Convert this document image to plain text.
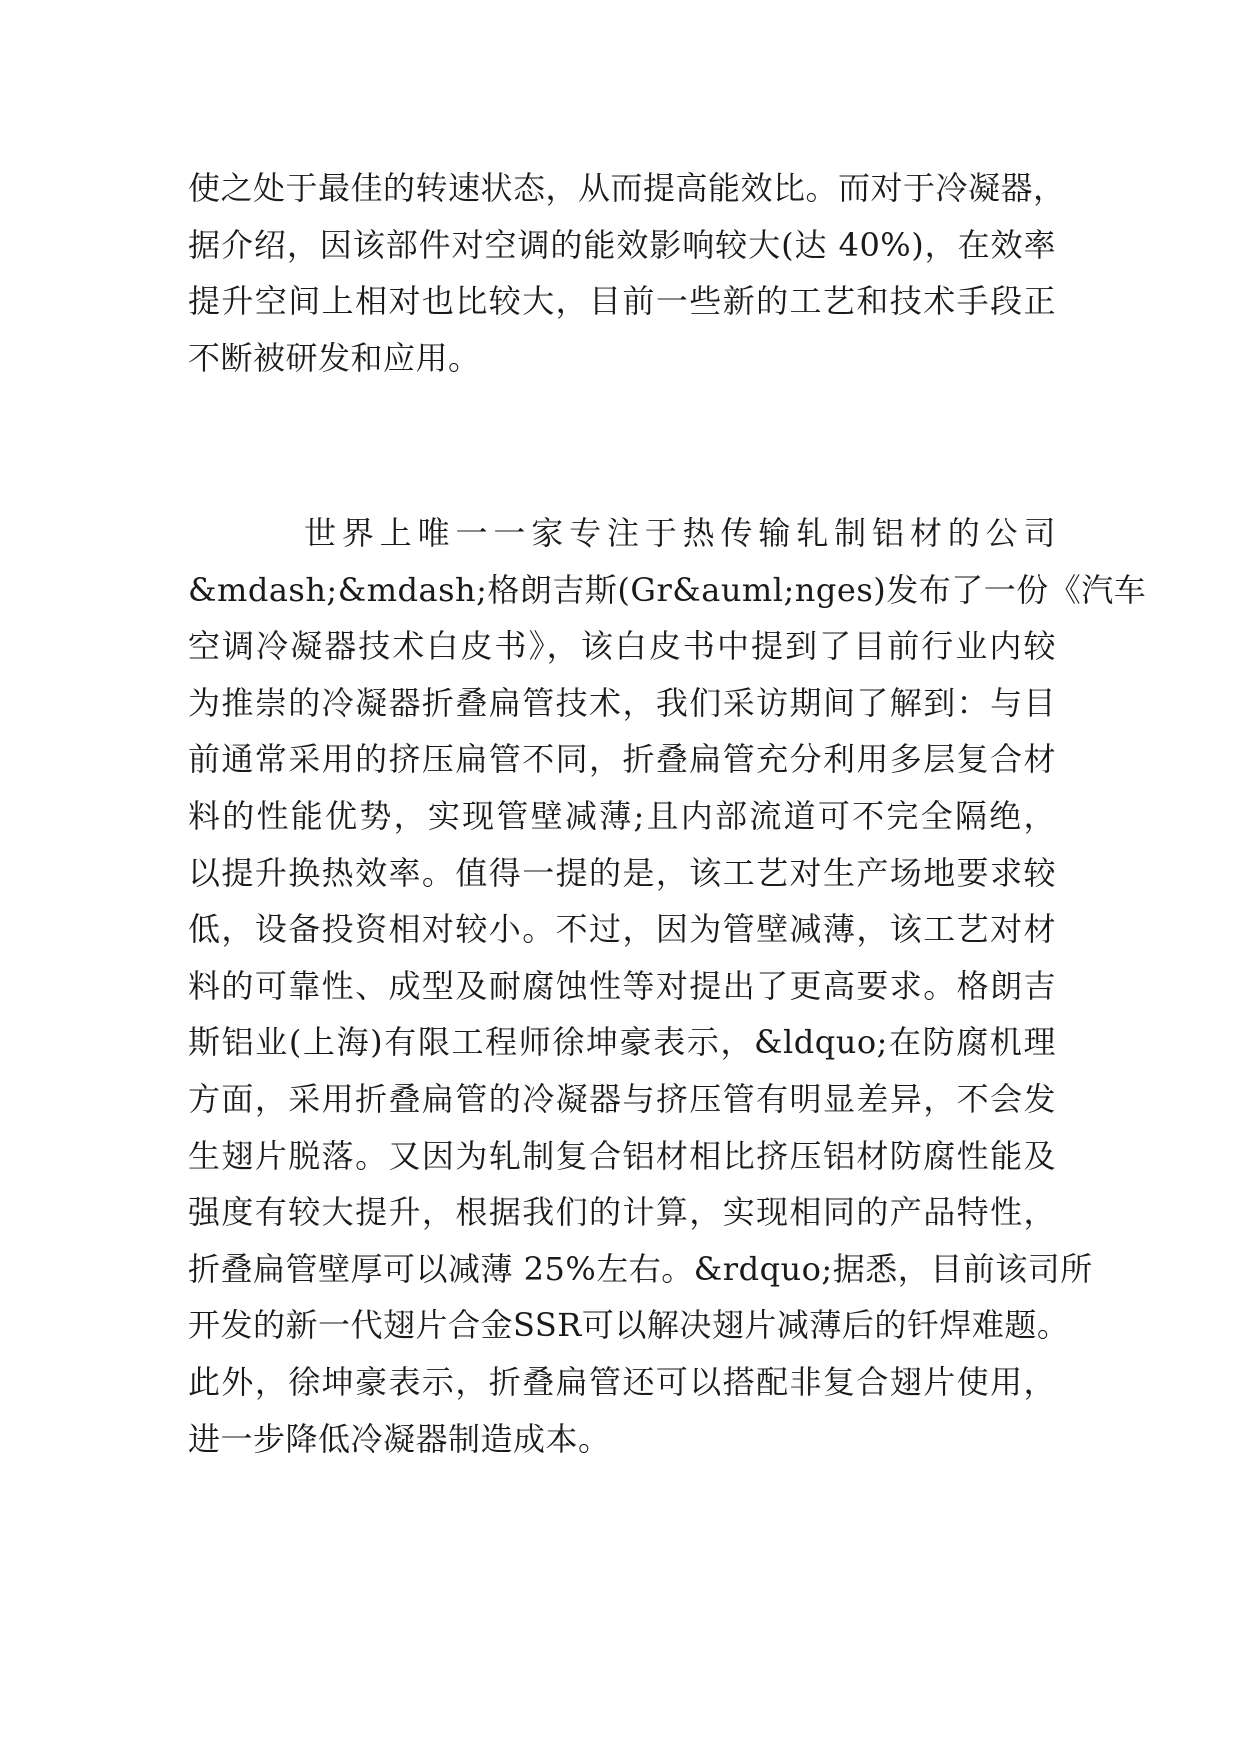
使之处于最佳的转速状态，从而提高能效比。而对于冷凝器，
据介绍，因该部件对空调的能效影响较大(达 40%)，在效率
提升空间上相对也比较大，目前一些新的工艺和技术手段正
不断被研发和应用。
世界上唯一一家专注于热传输轧制铝材的公司
&mdash;&mdash;格朗吉斯(Gr&auml;nges)发布了一份《汽车
空调冷凝器技术白皮书》，该白皮书中提到了目前行业内较
为推崇的冷凝器折叠扁管技术，我们采访期间了解到：与目
前通常采用的挤压扁管不同，折叠扁管充分利用多层复合材
料的性能优势，实现管壁减薄;且内部流道可不完全隔绝，
以提升换热效率。值得一提的是，该工艺对生产场地要求较
低，设备投资相对较小。不过，因为管壁减薄，该工艺对材
料的可靠性、成型及耐腐蚀性等对提出了更高要求。格朗吉
斯铝业(上海)有限工程师徐坤豪表示，&ldquo;在防腐机理
方面，采用折叠扁管的冷凝器与挤压管有明显差异，不会发
生翅片脱落。又因为轧制复合铝材相比挤压铝材防腐性能及
强度有较大提升，根据我们的计算，实现相同的产品特性，
折叠扁管壁厚可以减薄 25%左右。&rdquo;据悉，目前该司所
开发的新一代翅片合金SSR可以解决翅片减薄后的钎焊难题。
此外，徐坤豪表示，折叠扁管还可以搭配非复合翅片使用，
进一步降低冷凝器制造成本。
